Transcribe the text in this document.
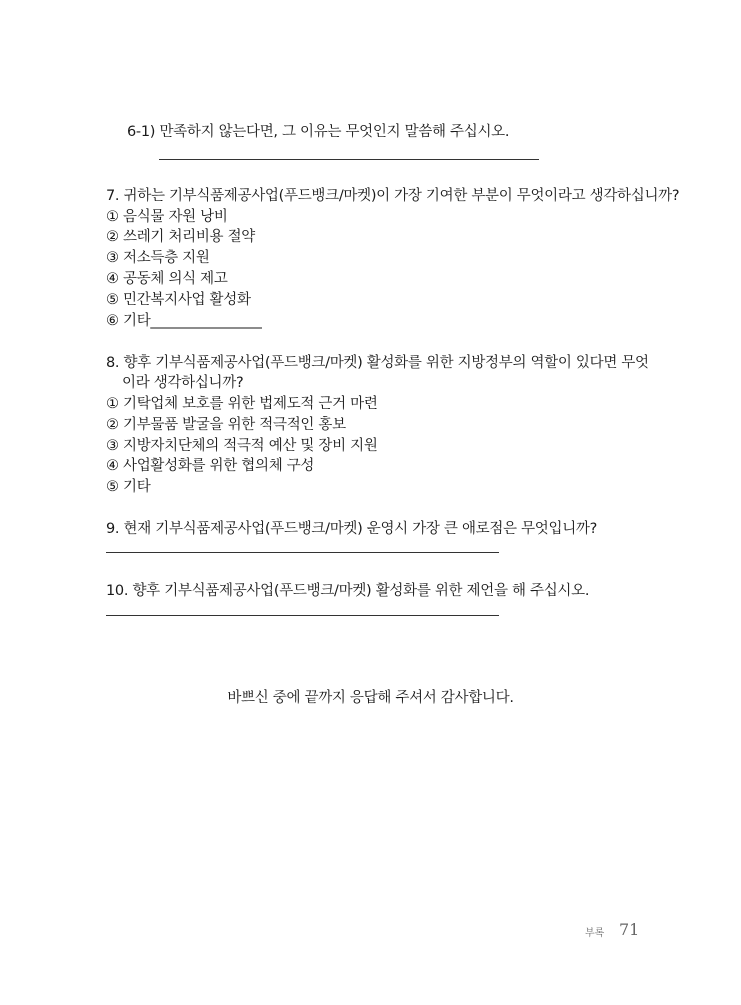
6-1) 만족하지 않는다면, 그 이유는 무엇인지 말씀해 주십시오.
7. 귀하는 기부식품제공사업(푸드뱅크/마켓)이 가장 기여한 부분이 무엇이라고 생각하십니까?
① 음식물 자원 낭비
② 쓰레기 처리비용 절약
③ 저소득층 지원
④ 공동체 의식 제고
⑤ 민간복지사업 활성화
⑥ 기타________________
8. 향후 기부식품제공사업(푸드뱅크/마켓) 활성화를 위한 지방정부의 역할이 있다면 무엇
이라 생각하십니까?
① 기탁업체 보호를 위한 법제도적 근거 마련
② 기부물품 발굴을 위한 적극적인 홍보
③ 지방자치단체의 적극적 예산 및 장비 지원
④ 사업활성화를 위한 협의체 구성
⑤ 기타
9. 현재 기부식품제공사업(푸드뱅크/마켓) 운영시 가장 큰 애로점은 무엇입니까?
10. 향후 기부식품제공사업(푸드뱅크/마켓) 활성화를 위한 제언을 해 주십시오.
바쁘신 중에 끝까지 응답해 주셔서 감사합니다.
부록 71
